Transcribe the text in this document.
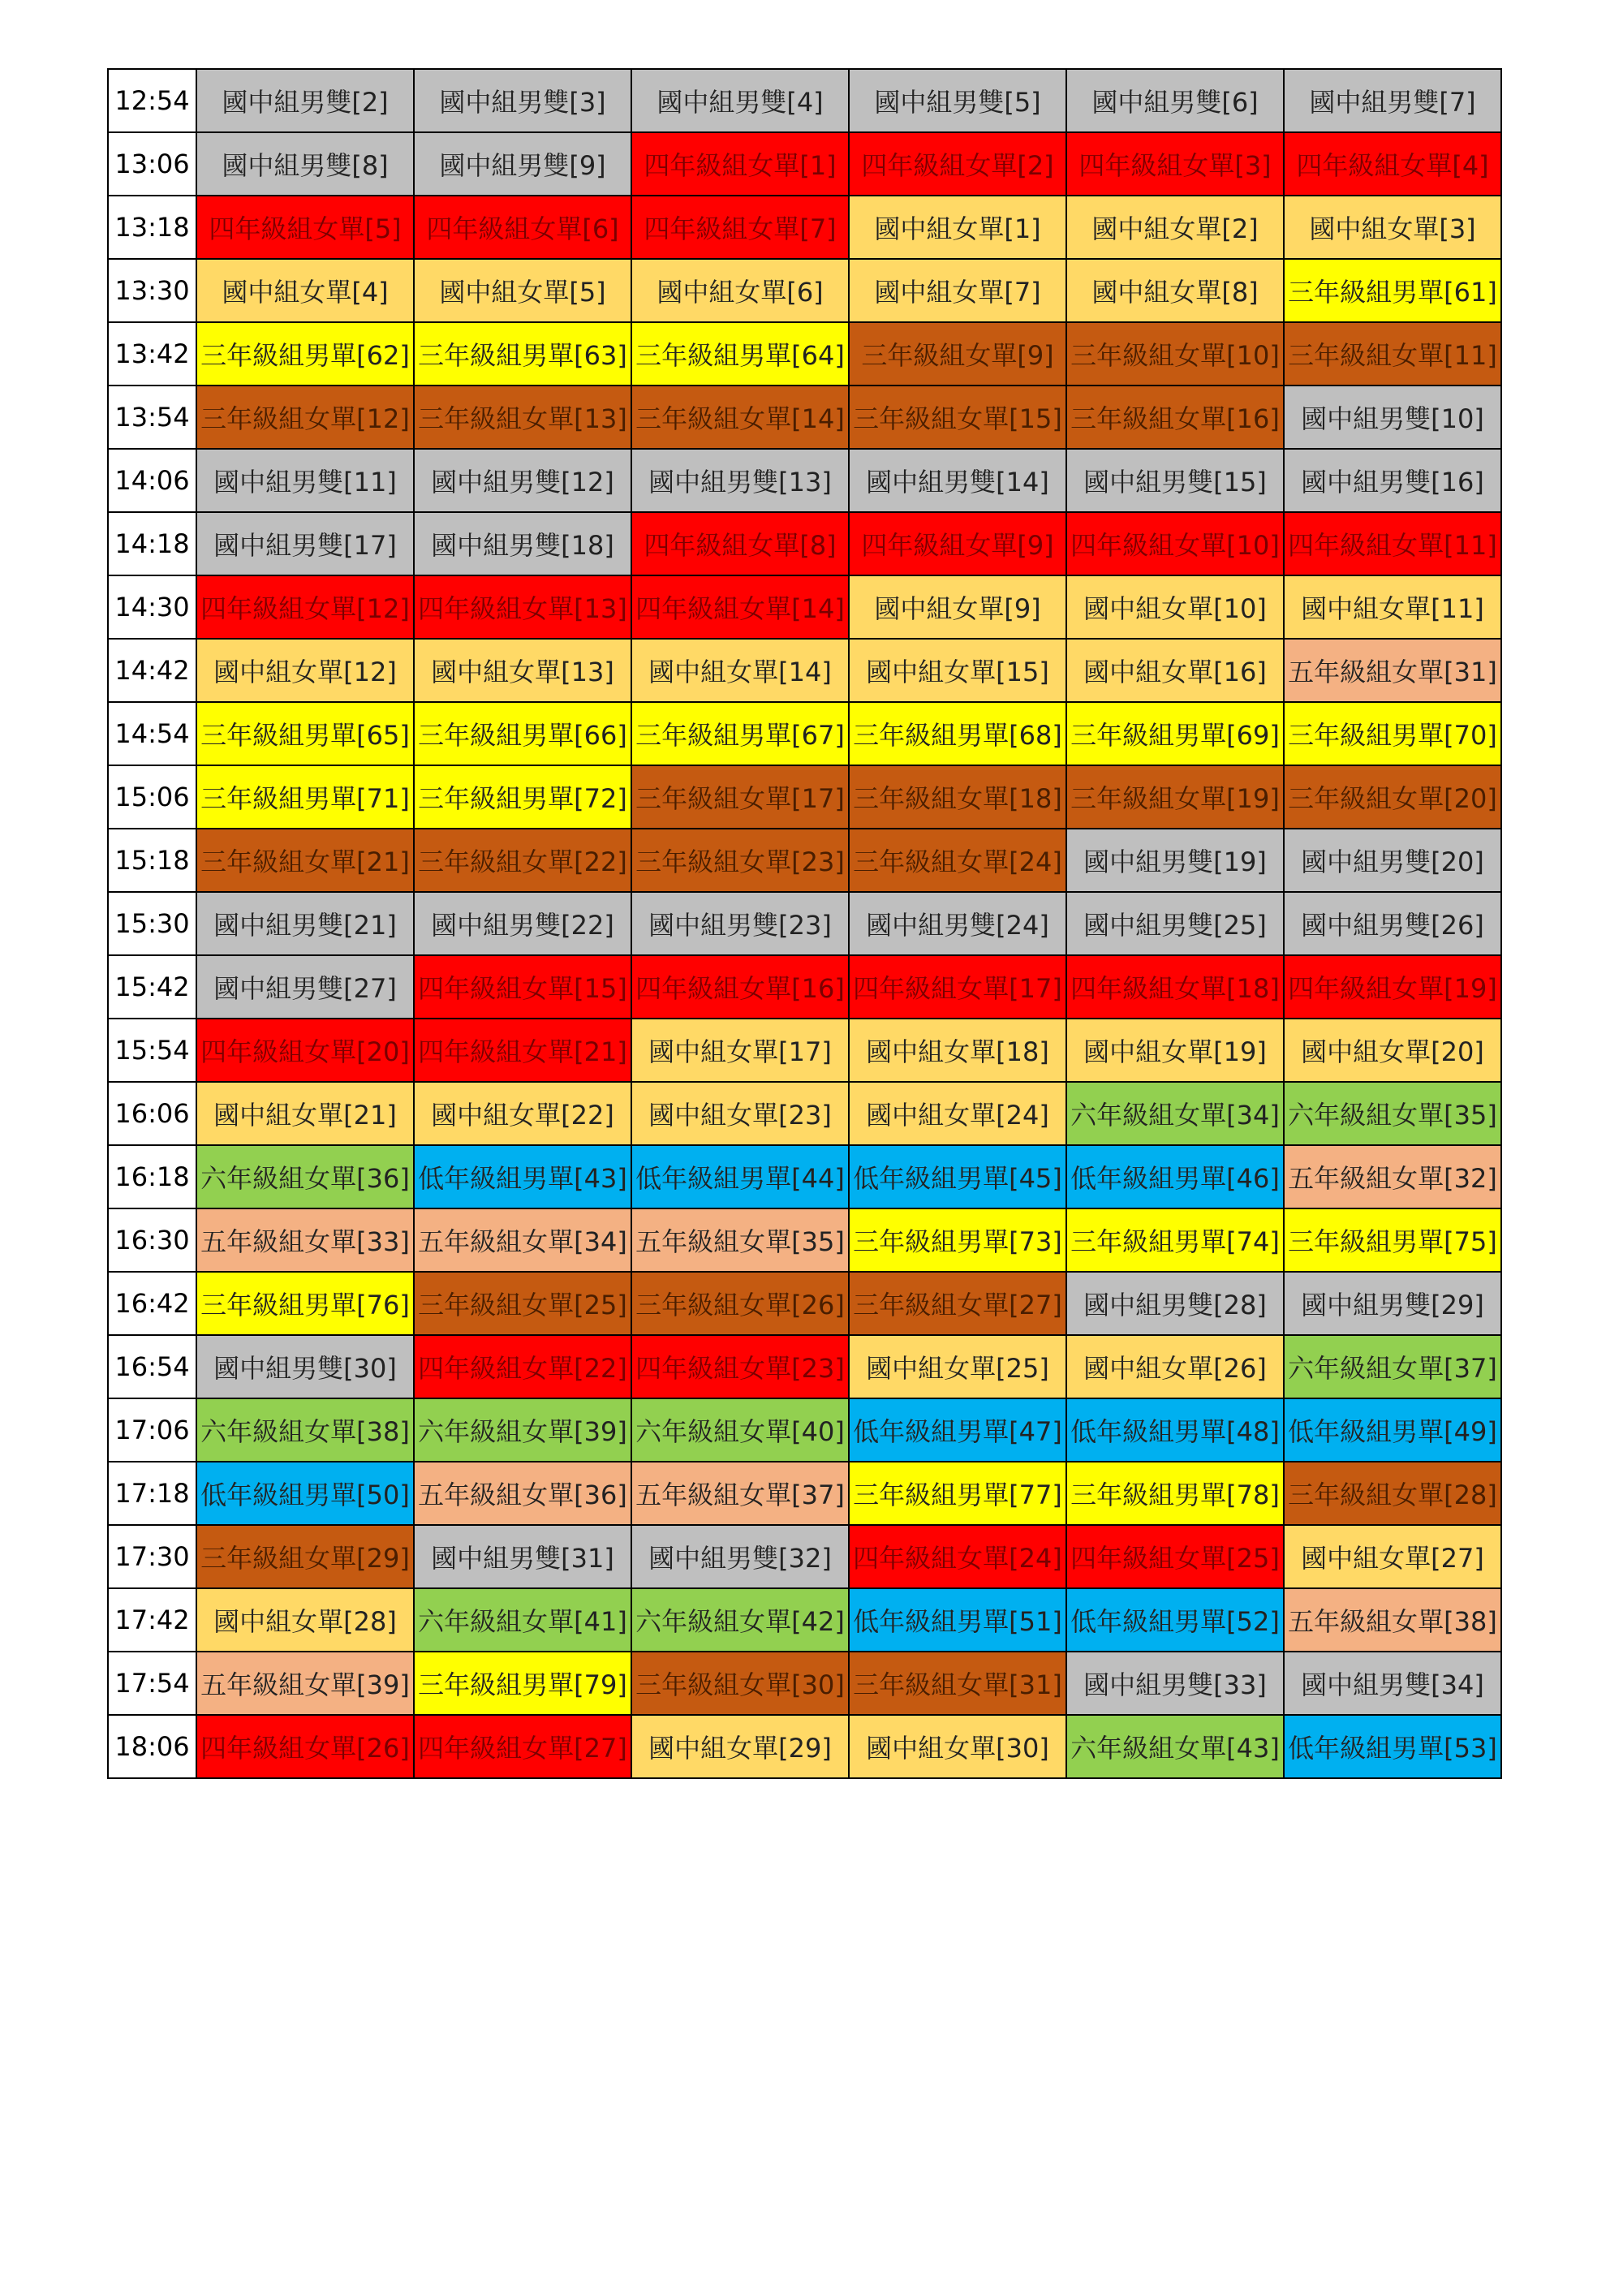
12:54	國中組男雙[2]	國中組男雙[3]	國中組男雙[4]	國中組男雙[5]	國中組男雙[6]	國中組男雙[7]
13:06	國中組男雙[8]	國中組男雙[9]	四年級組女單[1]	四年級組女單[2]	四年級組女單[3]	四年級組女單[4]
13:18	四年級組女單[5]	四年級組女單[6]	四年級組女單[7]	國中組女單[1]	國中組女單[2]	國中組女單[3]
13:30	國中組女單[4]	國中組女單[5]	國中組女單[6]	國中組女單[7]	國中組女單[8]	三年級組男單[61]
13:42	三年級組男單[62]	三年級組男單[63]	三年級組男單[64]	三年級組女單[9]	三年級組女單[10]	三年級組女單[11]
13:54	三年級組女單[12]	三年級組女單[13]	三年級組女單[14]	三年級組女單[15]	三年級組女單[16]	國中組男雙[10]
14:06	國中組男雙[11]	國中組男雙[12]	國中組男雙[13]	國中組男雙[14]	國中組男雙[15]	國中組男雙[16]
14:18	國中組男雙[17]	國中組男雙[18]	四年級組女單[8]	四年級組女單[9]	四年級組女單[10]	四年級組女單[11]
14:30	四年級組女單[12]	四年級組女單[13]	四年級組女單[14]	國中組女單[9]	國中組女單[10]	國中組女單[11]
14:42	國中組女單[12]	國中組女單[13]	國中組女單[14]	國中組女單[15]	國中組女單[16]	五年級組女單[31]
14:54	三年級組男單[65]	三年級組男單[66]	三年級組男單[67]	三年級組男單[68]	三年級組男單[69]	三年級組男單[70]
15:06	三年級組男單[71]	三年級組男單[72]	三年級組女單[17]	三年級組女單[18]	三年級組女單[19]	三年級組女單[20]
15:18	三年級組女單[21]	三年級組女單[22]	三年級組女單[23]	三年級組女單[24]	國中組男雙[19]	國中組男雙[20]
15:30	國中組男雙[21]	國中組男雙[22]	國中組男雙[23]	國中組男雙[24]	國中組男雙[25]	國中組男雙[26]
15:42	國中組男雙[27]	四年級組女單[15]	四年級組女單[16]	四年級組女單[17]	四年級組女單[18]	四年級組女單[19]
15:54	四年級組女單[20]	四年級組女單[21]	國中組女單[17]	國中組女單[18]	國中組女單[19]	國中組女單[20]
16:06	國中組女單[21]	國中組女單[22]	國中組女單[23]	國中組女單[24]	六年級組女單[34]	六年級組女單[35]
16:18	六年級組女單[36]	低年級組男單[43]	低年級組男單[44]	低年級組男單[45]	低年級組男單[46]	五年級組女單[32]
16:30	五年級組女單[33]	五年級組女單[34]	五年級組女單[35]	三年級組男單[73]	三年級組男單[74]	三年級組男單[75]
16:42	三年級組男單[76]	三年級組女單[25]	三年級組女單[26]	三年級組女單[27]	國中組男雙[28]	國中組男雙[29]
16:54	國中組男雙[30]	四年級組女單[22]	四年級組女單[23]	國中組女單[25]	國中組女單[26]	六年級組女單[37]
17:06	六年級組女單[38]	六年級組女單[39]	六年級組女單[40]	低年級組男單[47]	低年級組男單[48]	低年級組男單[49]
17:18	低年級組男單[50]	五年級組女單[36]	五年級組女單[37]	三年級組男單[77]	三年級組男單[78]	三年級組女單[28]
17:30	三年級組女單[29]	國中組男雙[31]	國中組男雙[32]	四年級組女單[24]	四年級組女單[25]	國中組女單[27]
17:42	國中組女單[28]	六年級組女單[41]	六年級組女單[42]	低年級組男單[51]	低年級組男單[52]	五年級組女單[38]
17:54	五年級組女單[39]	三年級組男單[79]	三年級組女單[30]	三年級組女單[31]	國中組男雙[33]	國中組男雙[34]
18:06	四年級組女單[26]	四年級組女單[27]	國中組女單[29]	國中組女單[30]	六年級組女單[43]	低年級組男單[53]
